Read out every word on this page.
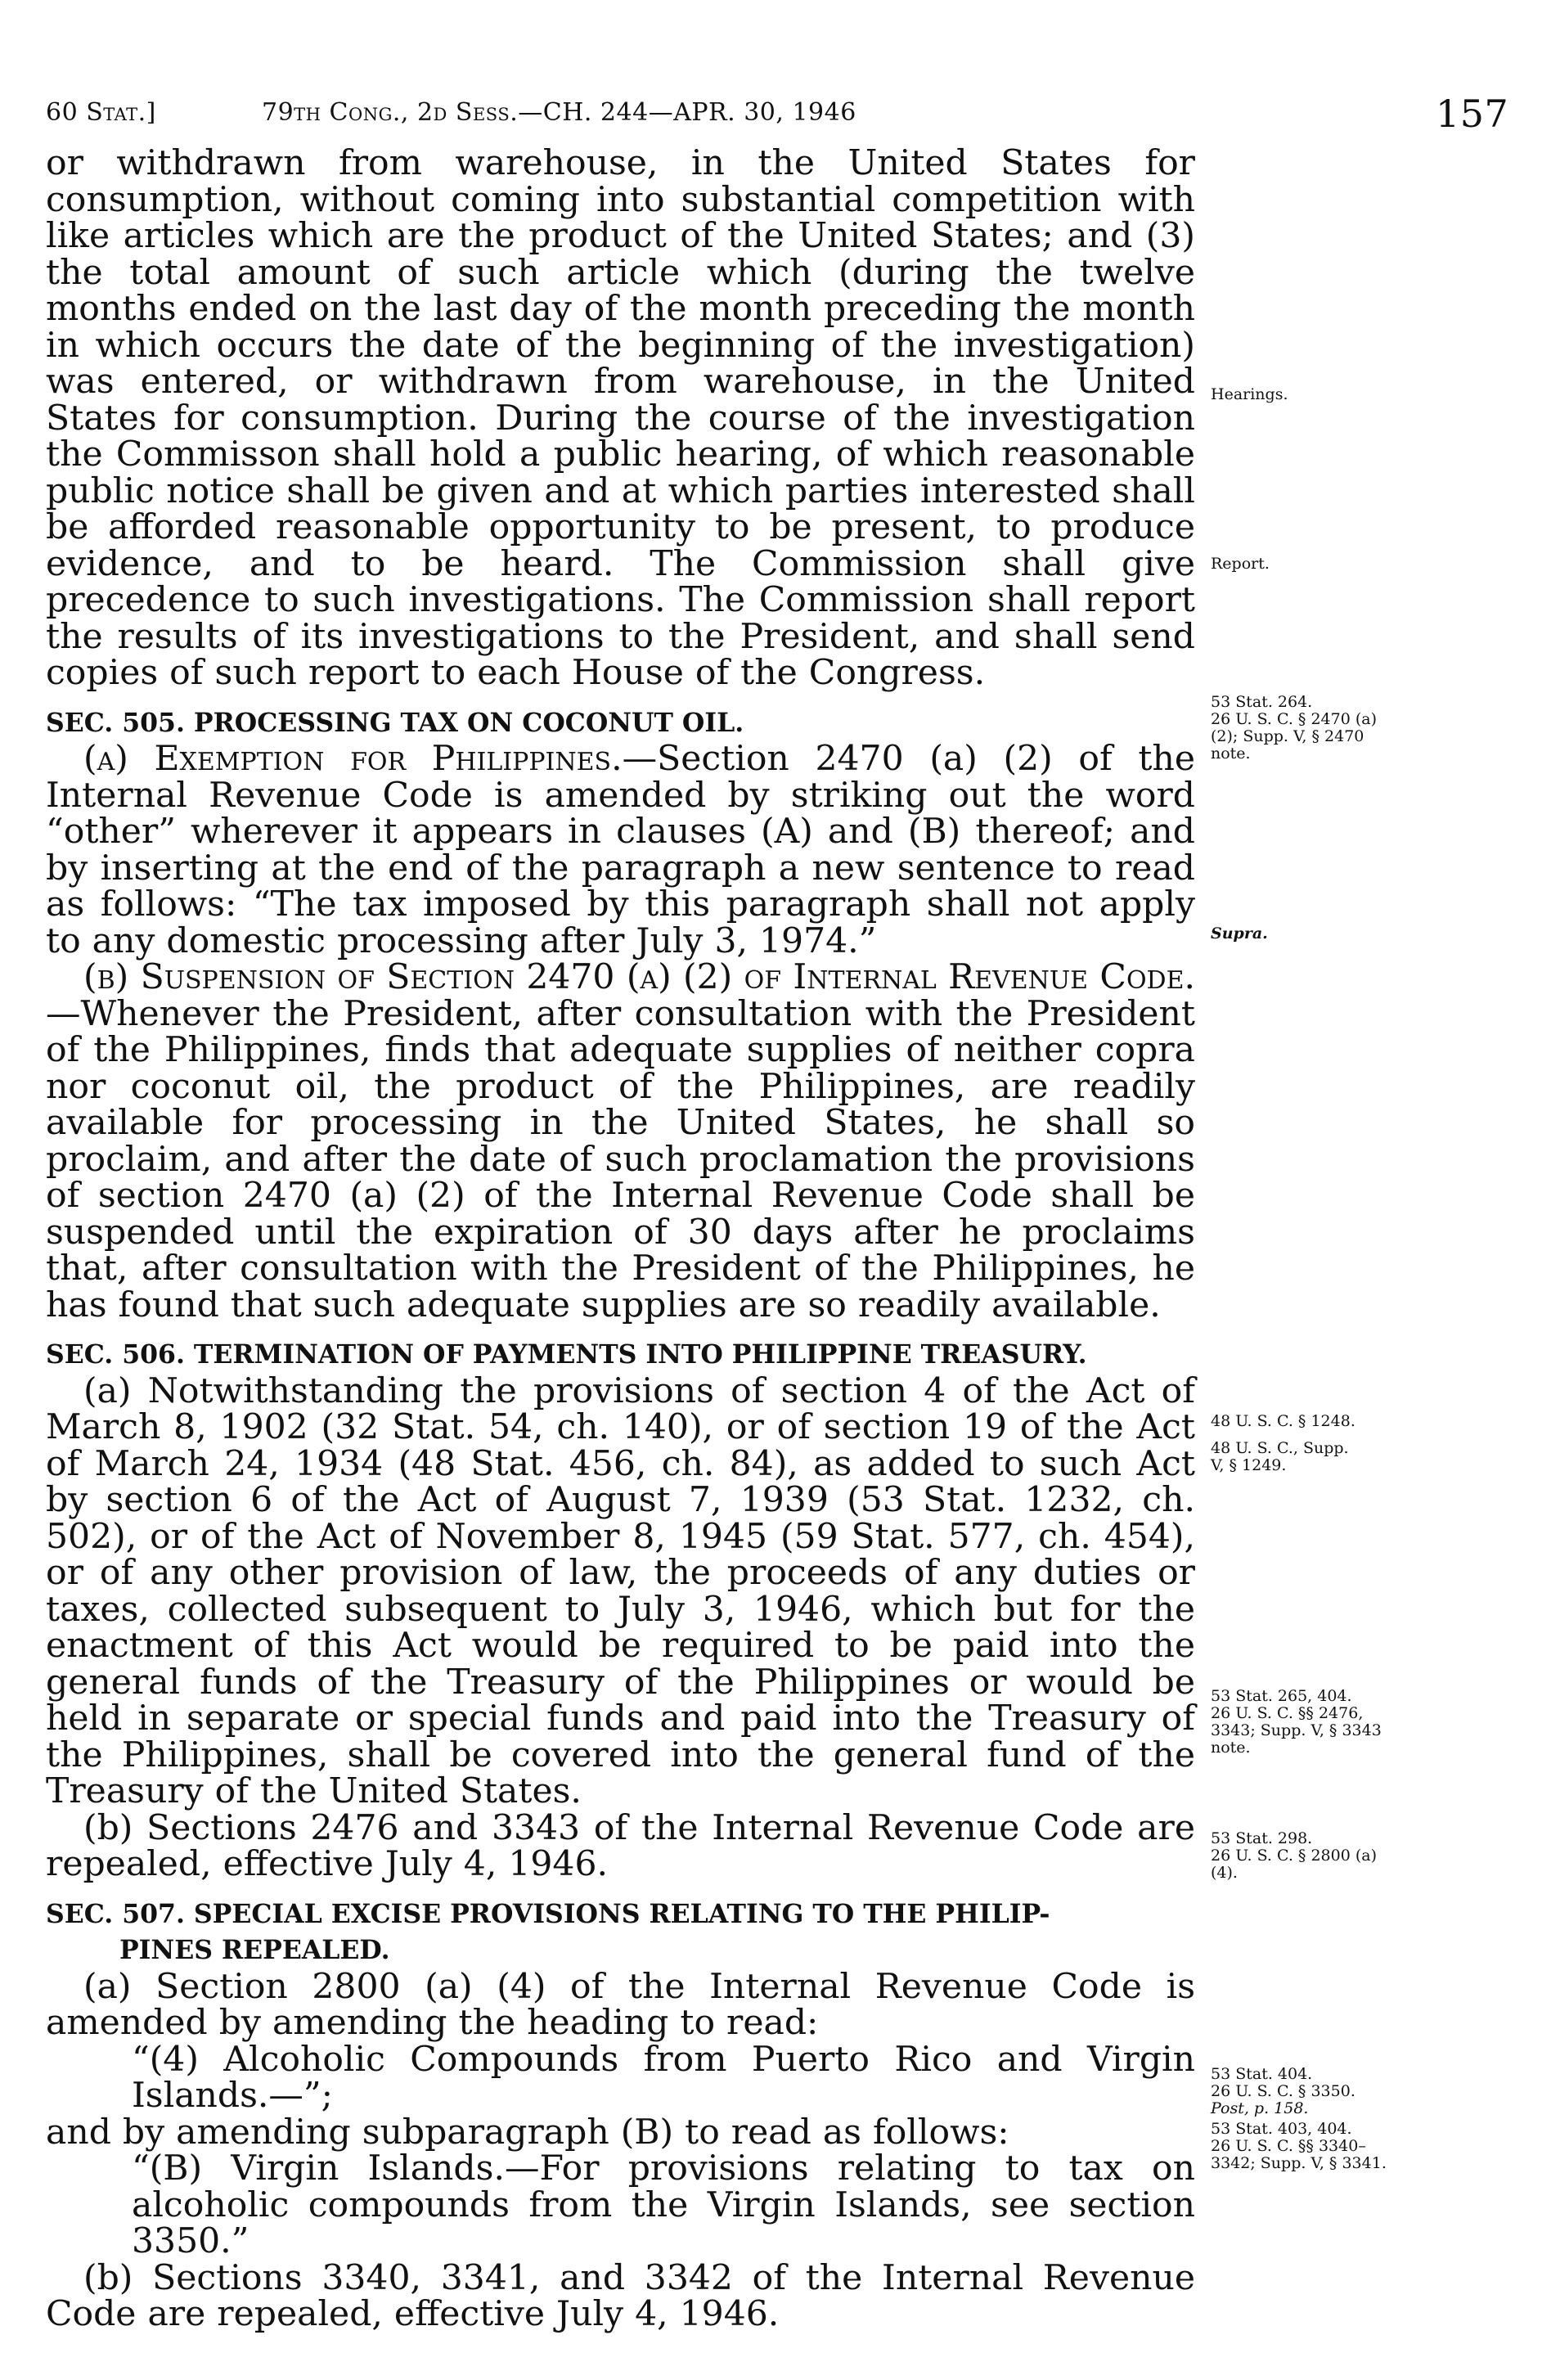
60 Stat.]	79th Cong., 2d Sess.—CH. 244—APR. 30, 1946	157

or withdrawn from warehouse, in the United States for consumption, without coming into substantial competition with like articles which are the product of the United States; and (3) the total amount of such article which (during the twelve months ended on the last day of the month preceding the month in which occurs the date of the beginning of the investigation) was entered, or withdrawn from warehouse, in the United States for consumption. During the course of the investigation the Commisson shall hold a public hearing, of which reasonable public notice shall be given and at which parties interested shall be afforded reasonable opportunity to be present, to produce evidence, and to be heard. The Commission shall give precedence to such investigations. The Commission shall report the results of its investigations to the President, and shall send copies of such report to each House of the Congress.

SEC. 505. PROCESSING TAX ON COCONUT OIL.

(a) Exemption for Philippines.—Section 2470 (a) (2) of the Internal Revenue Code is amended by striking out the word “other” wherever it appears in clauses (A) and (B) thereof; and by inserting at the end of the paragraph a new sentence to read as follows: “The tax imposed by this paragraph shall not apply to any domestic processing after July 3, 1974.”

(b) Suspension of Section 2470 (a) (2) of Internal Revenue Code.—Whenever the President, after consultation with the President of the Philippines, finds that adequate supplies of neither copra nor coconut oil, the product of the Philippines, are readily available for processing in the United States, he shall so proclaim, and after the date of such proclamation the provisions of section 2470 (a) (2) of the Internal Revenue Code shall be suspended until the expiration of 30 days after he proclaims that, after consultation with the President of the Philippines, he has found that such adequate supplies are so readily available.

SEC. 506. TERMINATION OF PAYMENTS INTO PHILIPPINE TREASURY.

(a) Notwithstanding the provisions of section 4 of the Act of March 8, 1902 (32 Stat. 54, ch. 140), or of section 19 of the Act of March 24, 1934 (48 Stat. 456, ch. 84), as added to such Act by section 6 of the Act of August 7, 1939 (53 Stat. 1232, ch. 502), or of the Act of November 8, 1945 (59 Stat. 577, ch. 454), or of any other provision of law, the proceeds of any duties or taxes, collected subsequent to July 3, 1946, which but for the enactment of this Act would be required to be paid into the general funds of the Treasury of the Philippines or would be held in separate or special funds and paid into the Treasury of the Philippines, shall be covered into the general fund of the Treasury of the United States.

(b) Sections 2476 and 3343 of the Internal Revenue Code are repealed, effective July 4, 1946.

SEC. 507. SPECIAL EXCISE PROVISIONS RELATING TO THE PHILIP-
PINES REPEALED.

(a) Section 2800 (a) (4) of the Internal Revenue Code is amended by amending the heading to read:

“(4) Alcoholic Compounds from Puerto Rico and Virgin Islands.—”;

and by amending subparagraph (B) to read as follows:

“(B) Virgin Islands.—For provisions relating to tax on alcoholic compounds from the Virgin Islands, see section 3350.”

(b) Sections 3340, 3341, and 3342 of the Internal Revenue Code are repealed, effective July 4, 1946.

Hearings.
Report.
53 Stat. 264.
26 U. S. C. § 2470 (a)
(2); Supp. V, § 2470
note.
Supra.
48 U. S. C. § 1248.
48 U. S. C., Supp.
V, § 1249.
53 Stat. 265, 404.
26 U. S. C. §§ 2476,
3343; Supp. V, § 3343
note.
53 Stat. 298.
26 U. S. C. § 2800 (a)
(4).
53 Stat. 404.
26 U. S. C. § 3350.
Post, p. 158.
53 Stat. 403, 404.
26 U. S. C. §§ 3340–
3342; Supp. V, § 3341.
